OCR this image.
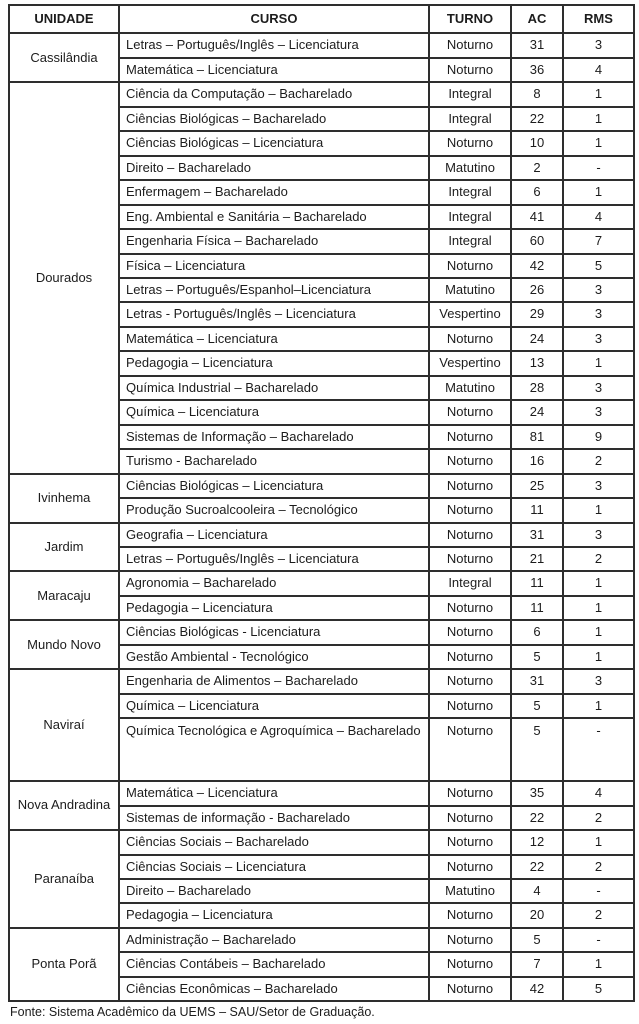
UNIDADE	CURSO	TURNO	AC	RMS
Cassilândia	Letras – Português/Inglês – Licenciatura	Noturno	31	3
	Matemática – Licenciatura	Noturno	36	4
Dourados	Ciência da Computação – Bacharelado	Integral	8	1
	Ciências Biológicas – Bacharelado	Integral	22	1
	Ciências Biológicas – Licenciatura	Noturno	10	1
	Direito – Bacharelado	Matutino	2	-
	Enfermagem – Bacharelado	Integral	6	1
	Eng. Ambiental e Sanitária – Bacharelado	Integral	41	4
	Engenharia Física – Bacharelado	Integral	60	7
	Física – Licenciatura	Noturno	42	5
	Letras – Português/Espanhol–Licenciatura	Matutino	26	3
	Letras - Português/Inglês – Licenciatura	Vespertino	29	3
	Matemática – Licenciatura	Noturno	24	3
	Pedagogia – Licenciatura	Vespertino	13	1
	Química Industrial – Bacharelado	Matutino	28	3
	Química – Licenciatura	Noturno	24	3
	Sistemas de Informação – Bacharelado	Noturno	81	9
	Turismo - Bacharelado	Noturno	16	2
Ivinhema	Ciências Biológicas – Licenciatura	Noturno	25	3
	Produção Sucroalcooleira – Tecnológico	Noturno	11	1
Jardim	Geografia – Licenciatura	Noturno	31	3
	Letras – Português/Inglês – Licenciatura	Noturno	21	2
Maracaju	Agronomia – Bacharelado	Integral	11	1
	Pedagogia – Licenciatura	Noturno	11	1
Mundo Novo	Ciências Biológicas - Licenciatura	Noturno	6	1
	Gestão Ambiental - Tecnológico	Noturno	5	1
Naviraí	Engenharia de Alimentos – Bacharelado	Noturno	31	3
	Química – Licenciatura	Noturno	5	1
	Química Tecnológica e Agroquímica – Bacharelado	Noturno	5	-
Nova Andradina	Matemática – Licenciatura	Noturno	35	4
	Sistemas de informação - Bacharelado	Noturno	22	2
Paranaíba	Ciências Sociais – Bacharelado	Noturno	12	1
	Ciências Sociais – Licenciatura	Noturno	22	2
	Direito – Bacharelado	Matutino	4	-
	Pedagogia – Licenciatura	Noturno	20	2
Ponta Porã	Administração – Bacharelado	Noturno	5	-
	Ciências Contábeis – Bacharelado	Noturno	7	1
	Ciências Econômicas – Bacharelado	Noturno	42	5
Fonte: Sistema Acadêmico da UEMS – SAU/Setor de Graduação.
